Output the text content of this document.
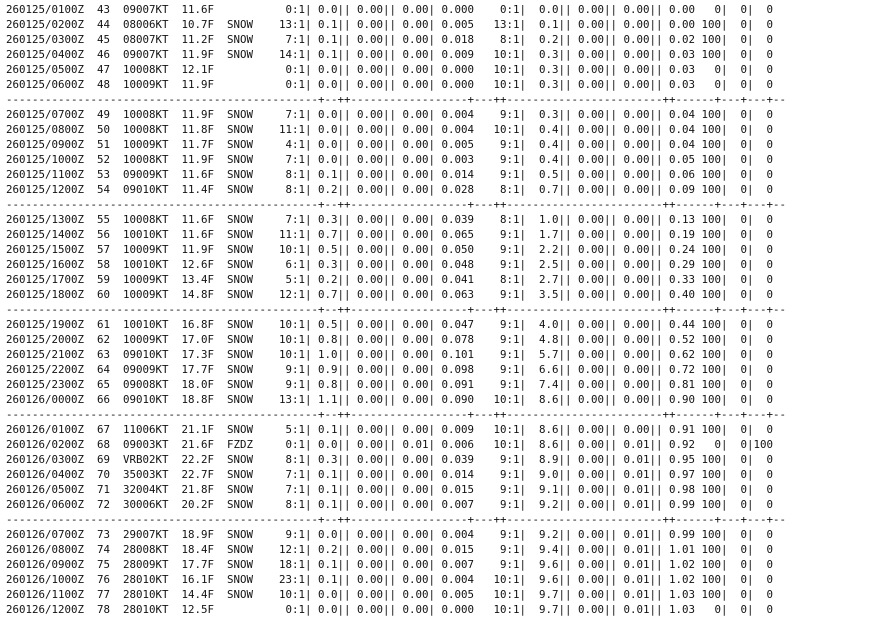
260125/0100Z  43  09007KT  11.6F           0:1| 0.0|| 0.00|| 0.00| 0.000    0:1|  0.0|| 0.00|| 0.00|| 0.00   0|  0|  0
260125/0200Z  44  08006KT  10.7F  SNOW    13:1| 0.1|| 0.00|| 0.00| 0.005   13:1|  0.1|| 0.00|| 0.00|| 0.00 100|  0|  0
260125/0300Z  45  08007KT  11.2F  SNOW     7:1| 0.1|| 0.00|| 0.00| 0.018    8:1|  0.2|| 0.00|| 0.00|| 0.02 100|  0|  0
260125/0400Z  46  09007KT  11.9F  SNOW    14:1| 0.1|| 0.00|| 0.00| 0.009   10:1|  0.3|| 0.00|| 0.00|| 0.03 100|  0|  0
260125/0500Z  47  10008KT  12.1F           0:1| 0.0|| 0.00|| 0.00| 0.000   10:1|  0.3|| 0.00|| 0.00|| 0.03   0|  0|  0
260125/0600Z  48  10009KT  11.9F           0:1| 0.0|| 0.00|| 0.00| 0.000   10:1|  0.3|| 0.00|| 0.00|| 0.03   0|  0|  0
------------------------------------------------+--++------------------+---++------------------------++------+---+---+--
260125/0700Z  49  10008KT  11.9F  SNOW     7:1| 0.0|| 0.00|| 0.00| 0.004    9:1|  0.3|| 0.00|| 0.00|| 0.04 100|  0|  0
260125/0800Z  50  10008KT  11.8F  SNOW    11:1| 0.0|| 0.00|| 0.00| 0.004   10:1|  0.4|| 0.00|| 0.00|| 0.04 100|  0|  0
260125/0900Z  51  10009KT  11.7F  SNOW     4:1| 0.0|| 0.00|| 0.00| 0.005    9:1|  0.4|| 0.00|| 0.00|| 0.04 100|  0|  0
260125/1000Z  52  10008KT  11.9F  SNOW     7:1| 0.0|| 0.00|| 0.00| 0.003    9:1|  0.4|| 0.00|| 0.00|| 0.05 100|  0|  0
260125/1100Z  53  09009KT  11.6F  SNOW     8:1| 0.1|| 0.00|| 0.00| 0.014    9:1|  0.5|| 0.00|| 0.00|| 0.06 100|  0|  0
260125/1200Z  54  09010KT  11.4F  SNOW     8:1| 0.2|| 0.00|| 0.00| 0.028    8:1|  0.7|| 0.00|| 0.00|| 0.09 100|  0|  0
------------------------------------------------+--++------------------+---++------------------------++------+---+---+--
260125/1300Z  55  10008KT  11.6F  SNOW     7:1| 0.3|| 0.00|| 0.00| 0.039    8:1|  1.0|| 0.00|| 0.00|| 0.13 100|  0|  0
260125/1400Z  56  10010KT  11.6F  SNOW    11:1| 0.7|| 0.00|| 0.00| 0.065    9:1|  1.7|| 0.00|| 0.00|| 0.19 100|  0|  0
260125/1500Z  57  10009KT  11.9F  SNOW    10:1| 0.5|| 0.00|| 0.00| 0.050    9:1|  2.2|| 0.00|| 0.00|| 0.24 100|  0|  0
260125/1600Z  58  10010KT  12.6F  SNOW     6:1| 0.3|| 0.00|| 0.00| 0.048    9:1|  2.5|| 0.00|| 0.00|| 0.29 100|  0|  0
260125/1700Z  59  10009KT  13.4F  SNOW     5:1| 0.2|| 0.00|| 0.00| 0.041    8:1|  2.7|| 0.00|| 0.00|| 0.33 100|  0|  0
260125/1800Z  60  10009KT  14.8F  SNOW    12:1| 0.7|| 0.00|| 0.00| 0.063    9:1|  3.5|| 0.00|| 0.00|| 0.40 100|  0|  0
------------------------------------------------+--++------------------+---++------------------------++------+---+---+--
260125/1900Z  61  10010KT  16.8F  SNOW    10:1| 0.5|| 0.00|| 0.00| 0.047    9:1|  4.0|| 0.00|| 0.00|| 0.44 100|  0|  0
260125/2000Z  62  10009KT  17.0F  SNOW    10:1| 0.8|| 0.00|| 0.00| 0.078    9:1|  4.8|| 0.00|| 0.00|| 0.52 100|  0|  0
260125/2100Z  63  09010KT  17.3F  SNOW    10:1| 1.0|| 0.00|| 0.00| 0.101    9:1|  5.7|| 0.00|| 0.00|| 0.62 100|  0|  0
260125/2200Z  64  09009KT  17.7F  SNOW     9:1| 0.9|| 0.00|| 0.00| 0.098    9:1|  6.6|| 0.00|| 0.00|| 0.72 100|  0|  0
260125/2300Z  65  09008KT  18.0F  SNOW     9:1| 0.8|| 0.00|| 0.00| 0.091    9:1|  7.4|| 0.00|| 0.00|| 0.81 100|  0|  0
260126/0000Z  66  09010KT  18.8F  SNOW    13:1| 1.1|| 0.00|| 0.00| 0.090   10:1|  8.6|| 0.00|| 0.00|| 0.90 100|  0|  0
------------------------------------------------+--++------------------+---++------------------------++------+---+---+--
260126/0100Z  67  11006KT  21.1F  SNOW     5:1| 0.1|| 0.00|| 0.00| 0.009   10:1|  8.6|| 0.00|| 0.00|| 0.91 100|  0|  0
260126/0200Z  68  09003KT  21.6F  FZDZ     0:1| 0.0|| 0.00|| 0.01| 0.006   10:1|  8.6|| 0.00|| 0.01|| 0.92   0|  0|100
260126/0300Z  69  VRB02KT  22.2F  SNOW     8:1| 0.3|| 0.00|| 0.00| 0.039    9:1|  8.9|| 0.00|| 0.01|| 0.95 100|  0|  0
260126/0400Z  70  35003KT  22.7F  SNOW     7:1| 0.1|| 0.00|| 0.00| 0.014    9:1|  9.0|| 0.00|| 0.01|| 0.97 100|  0|  0
260126/0500Z  71  32004KT  21.8F  SNOW     7:1| 0.1|| 0.00|| 0.00| 0.015    9:1|  9.1|| 0.00|| 0.01|| 0.98 100|  0|  0
260126/0600Z  72  30006KT  20.2F  SNOW     8:1| 0.1|| 0.00|| 0.00| 0.007    9:1|  9.2|| 0.00|| 0.01|| 0.99 100|  0|  0
------------------------------------------------+--++------------------+---++------------------------++------+---+---+--
260126/0700Z  73  29007KT  18.9F  SNOW     9:1| 0.0|| 0.00|| 0.00| 0.004    9:1|  9.2|| 0.00|| 0.01|| 0.99 100|  0|  0
260126/0800Z  74  28008KT  18.4F  SNOW    12:1| 0.2|| 0.00|| 0.00| 0.015    9:1|  9.4|| 0.00|| 0.01|| 1.01 100|  0|  0
260126/0900Z  75  28009KT  17.7F  SNOW    18:1| 0.1|| 0.00|| 0.00| 0.007    9:1|  9.6|| 0.00|| 0.01|| 1.02 100|  0|  0
260126/1000Z  76  28010KT  16.1F  SNOW    23:1| 0.1|| 0.00|| 0.00| 0.004   10:1|  9.6|| 0.00|| 0.01|| 1.02 100|  0|  0
260126/1100Z  77  28010KT  14.4F  SNOW    10:1| 0.0|| 0.00|| 0.00| 0.005   10:1|  9.7|| 0.00|| 0.01|| 1.03 100|  0|  0
260126/1200Z  78  28010KT  12.5F           0:1| 0.0|| 0.00|| 0.00| 0.000   10:1|  9.7|| 0.00|| 0.01|| 1.03   0|  0|  0
